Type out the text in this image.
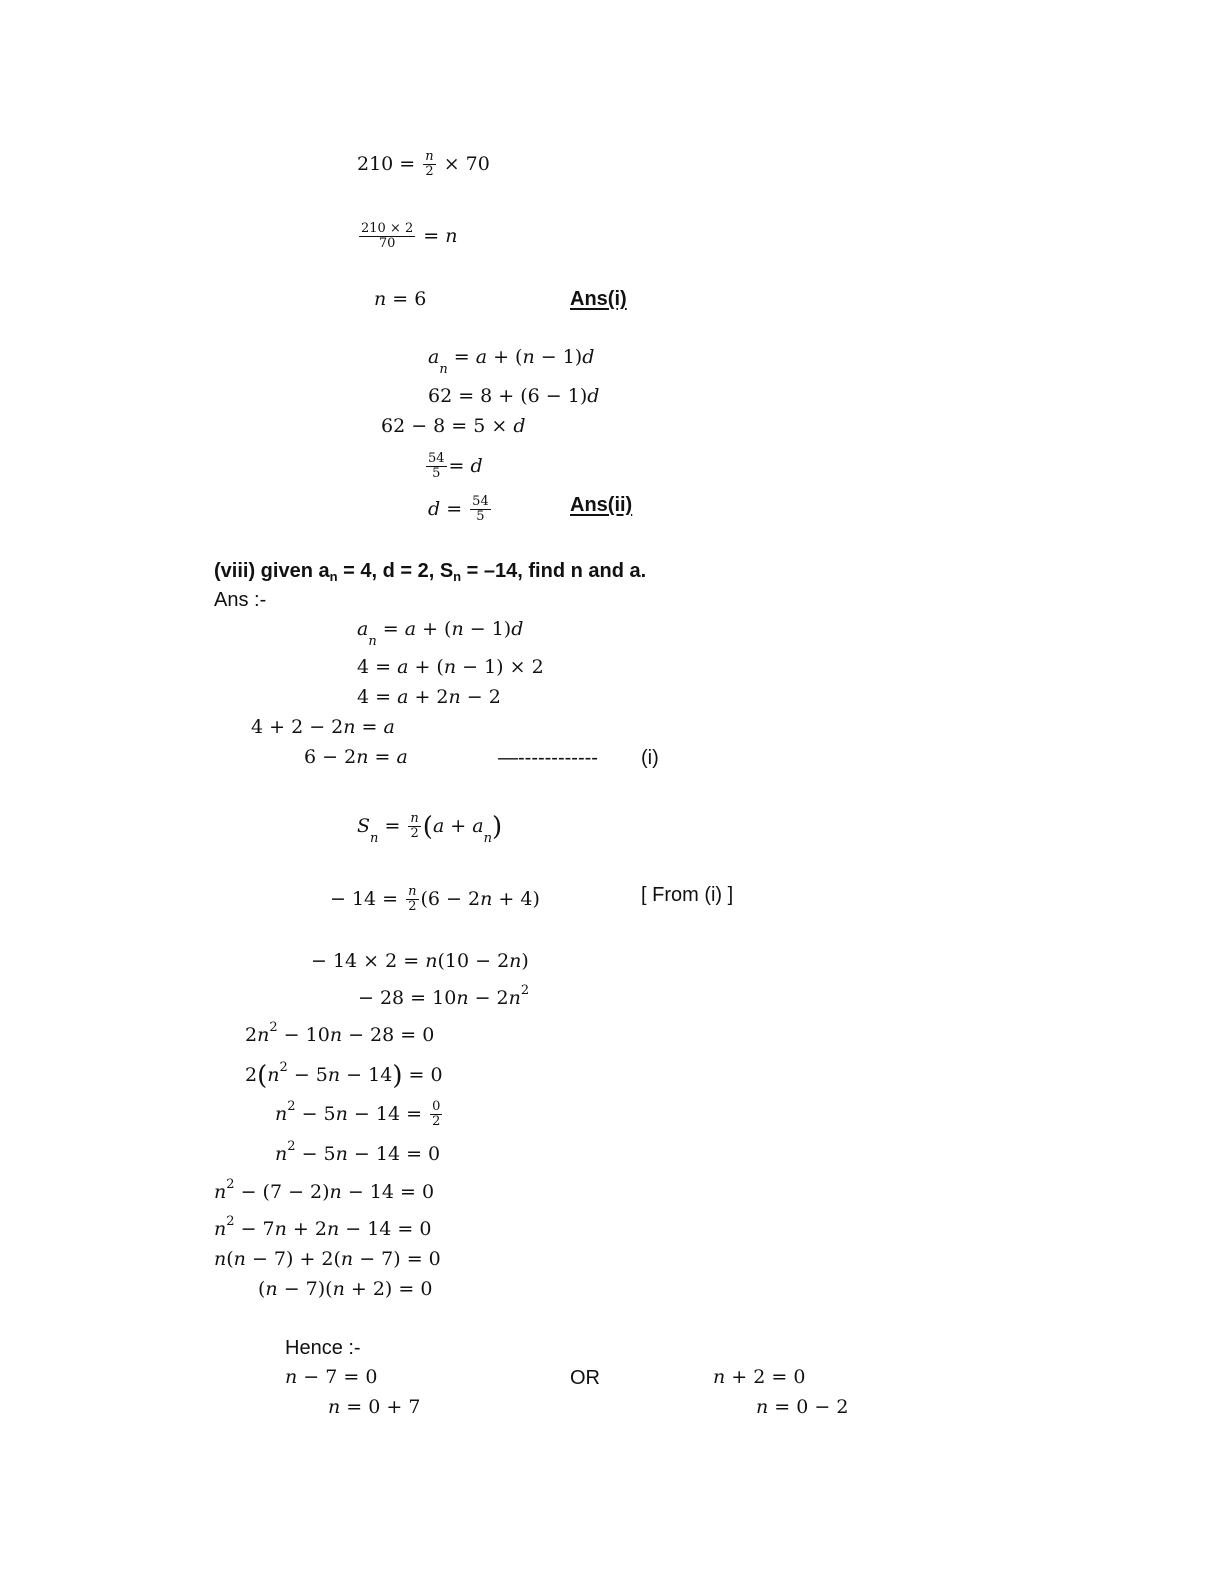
$210 = \frac{n}{2} \times 70$
$\frac{210 \times 2}{70} = n$
n = 6	Ans(i)
$a_n = a + (n - 1)d$
62 = 8 + (6 − 1)d
62 − 8 = 5 × d
$\frac{54}{5} = d$
$d = \frac{54}{5}$	Ans(ii)
(viii) given $a_n = 4$, d = 2, $S_n = -14$, find n and a.
Ans :-
$a_n = a + (n - 1)d$
4 = a + (n − 1) × 2
4 = a + 2n − 2
4 + 2 − 2n = a
6 − 2n = a	—------------ (i)
$S_n = \frac{n}{2} (a + a_n)$
− $14 = \frac{n}{2} (6 - 2n + 4)$	[ From (i) ]
− 14 × 2 = n(10 − 2n)
− $28 = 10n - 2n^2$
$2n^2 - 10n - 28 = 0$
$2(n^2 - 5n - 14) = 0$
$n^2 - 5n - 14 = \frac{0}{2}$
$n^2 - 5n - 14 = 0$
$n^2 - (7 - 2)n - 14 = 0$
$n^2 - 7n + 2n - 14 = 0$
n(n − 7) + 2(n − 7) = 0
(n − 7)(n + 2) = 0
Hence :-
n − 7 = 0	OR	n + 2 = 0
n = 0 + 7	n = 0 − 2
